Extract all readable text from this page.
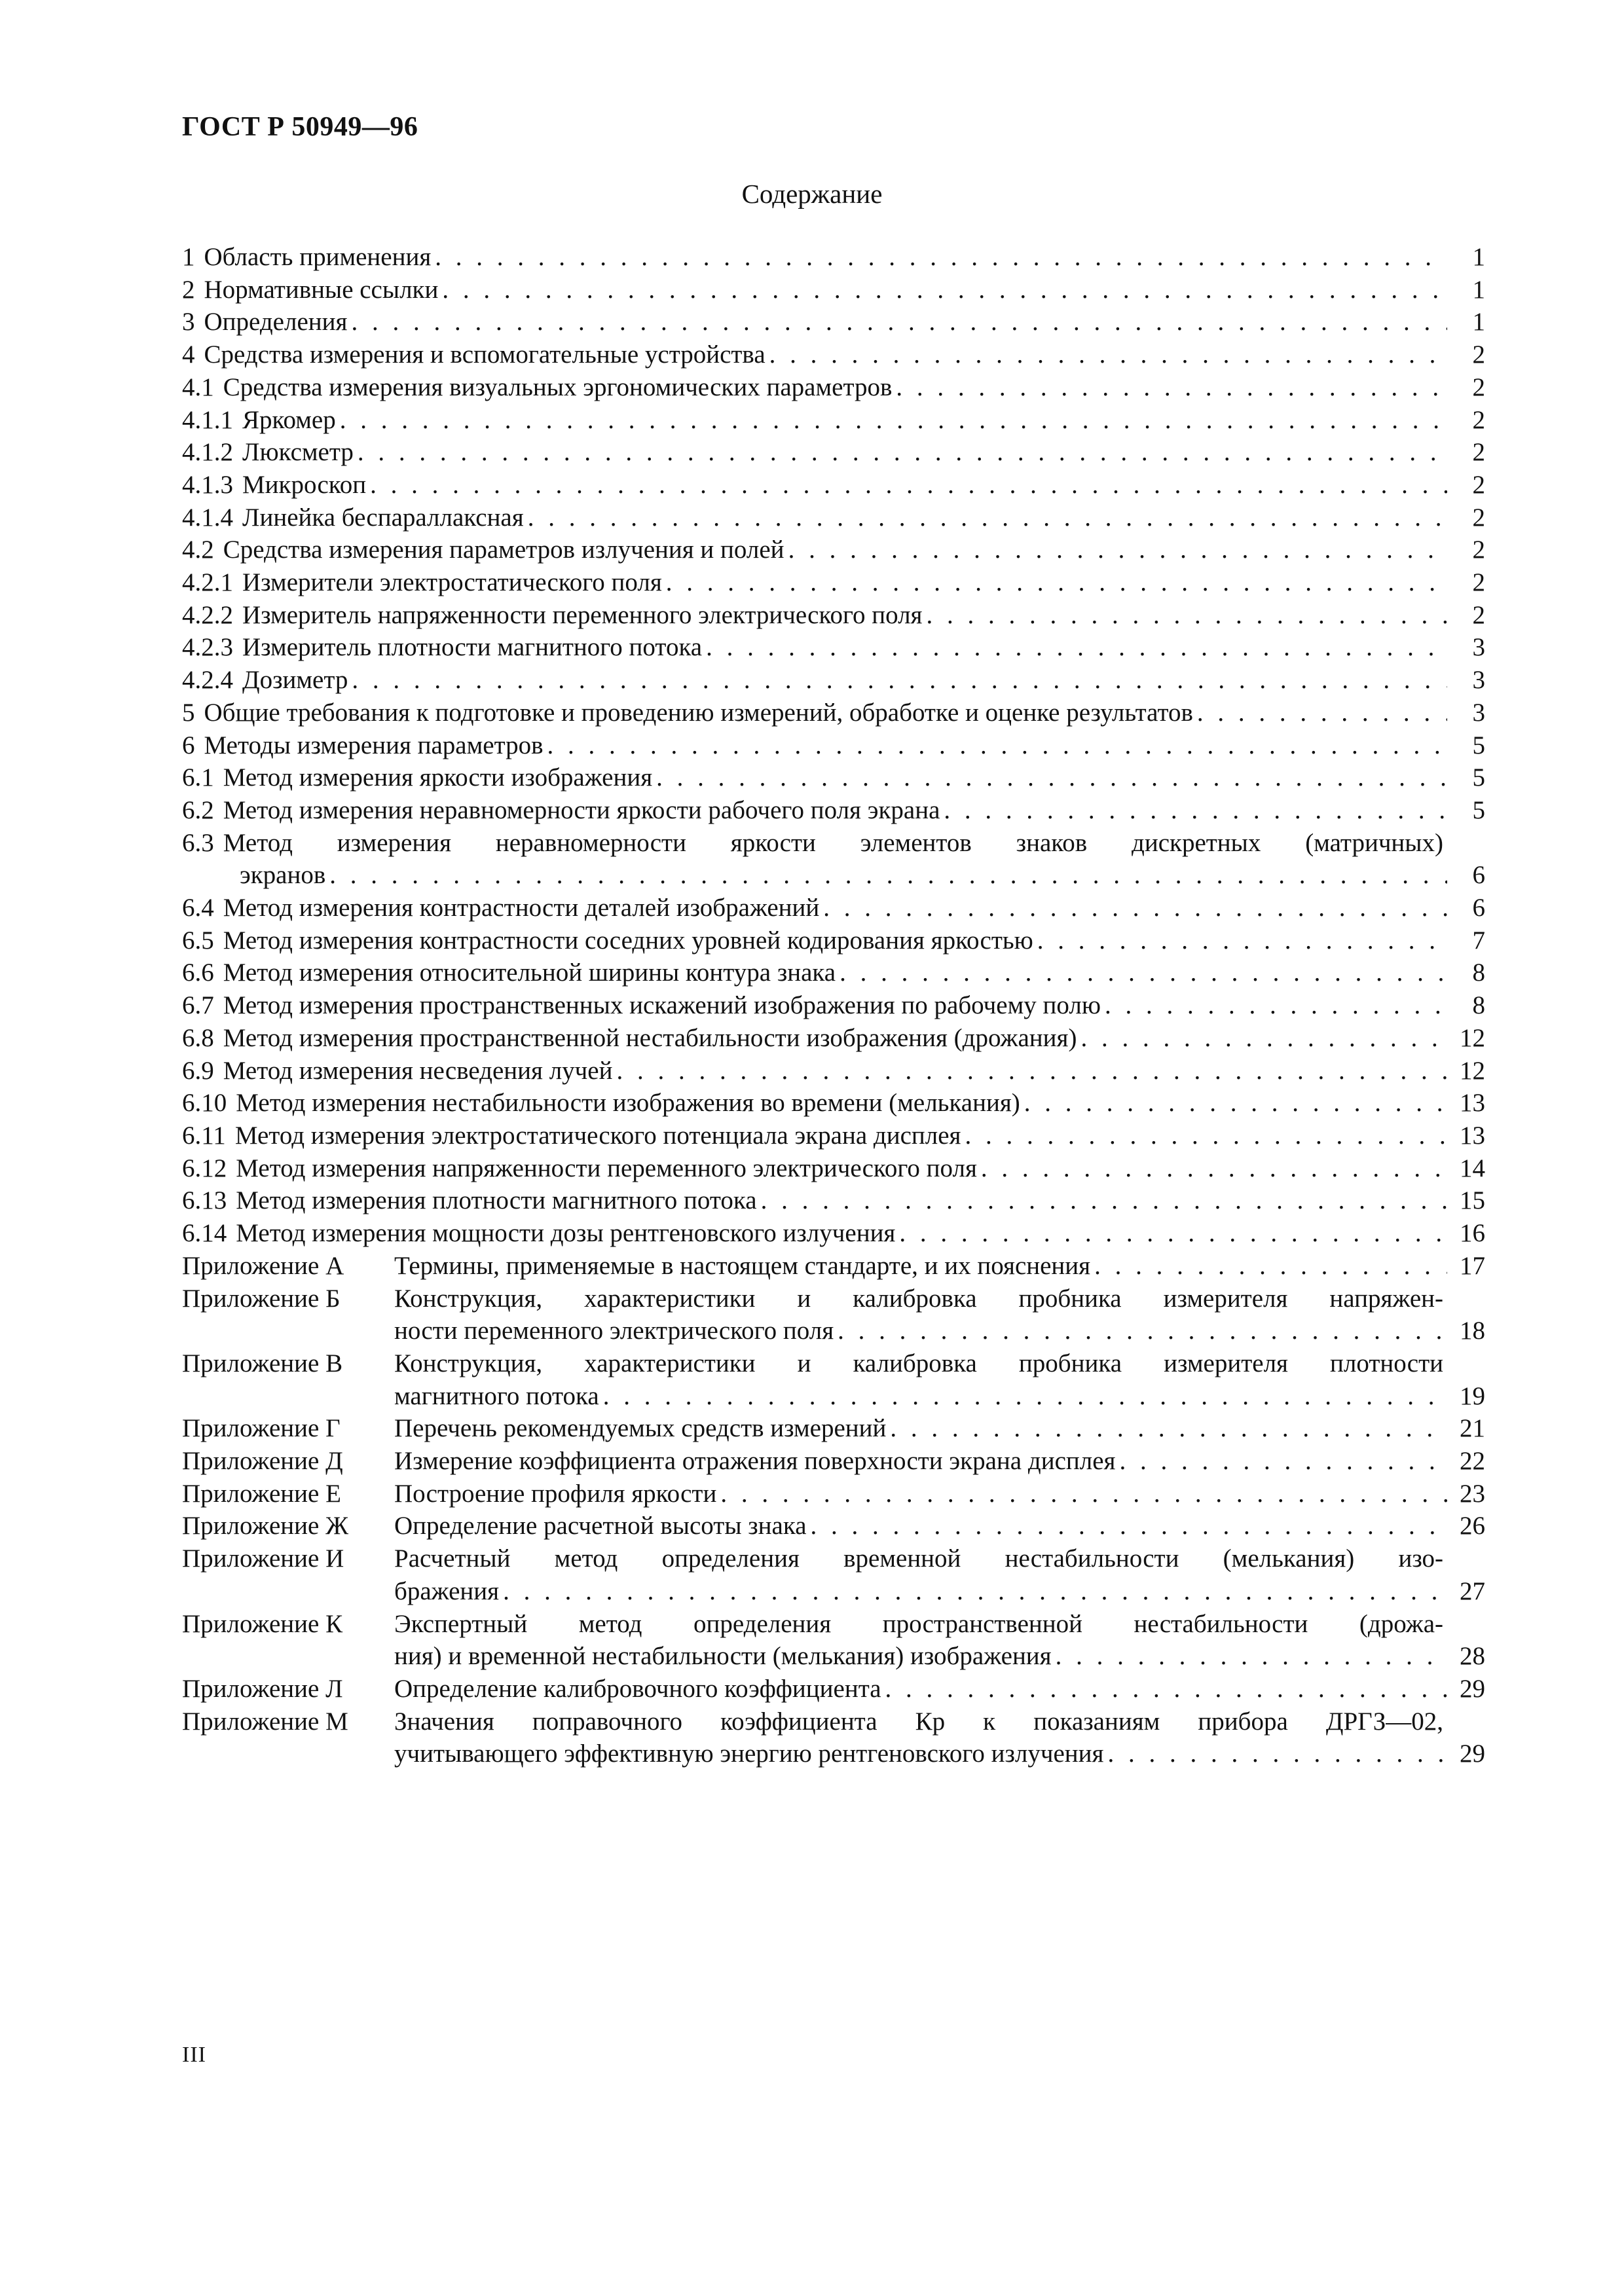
ГОСТ Р 50949—96
Содержание
1 Область применения . . .	1
2 Нормативные ссылки . . .	1
3 Определения . . .	1
4 Средства измерения и вспомогательные устройства . . .	2
4.1 Средства измерения визуальных эргономических параметров . . .	2
4.1.1 Яркомер . . .	2
4.1.2 Люксметр . . .	2
4.1.3 Микроскоп . . .	2
4.1.4 Линейка беспараллаксная . . .	2
4.2 Средства измерения параметров излучения и полей . . .	2
4.2.1 Измерители электростатического поля . . .	2
4.2.2 Измеритель напряженности переменного электрического поля . . .	2
4.2.3 Измеритель плотности магнитного потока . . .	3
4.2.4 Дозиметр . . .	3
5 Общие требования к подготовке и проведению измерений, обработке и оценке результатов . . .	3
6 Методы измерения параметров . . .	5
6.1 Метод измерения яркости изображения . . .	5
6.2 Метод измерения неравномерности яркости рабочего поля экрана . . .	5
6.3 Метод измерения неравномерности яркости элементов знаков дискретных (матричных)
экранов . . .	6
6.4 Метод измерения контрастности деталей изображений . . .	6
6.5 Метод измерения контрастности соседних уровней кодирования яркостью . . .	7
6.6 Метод измерения относительной ширины контура знака . . .	8
6.7 Метод измерения пространственных искажений изображения по рабочему полю . . .	8
6.8 Метод измерения пространственной нестабильности изображения (дрожания) . . .	12
6.9 Метод измерения несведения лучей . . .	12
6.10 Метод измерения нестабильности изображения во времени (мелькания) . . .	13
6.11 Метод измерения электростатического потенциала экрана дисплея . . .	13
6.12 Метод измерения напряженности переменного электрического поля . . .	14
6.13 Метод измерения плотности магнитного потока . . .	15
6.14 Метод измерения мощности дозы рентгеновского излучения . . .	16
Приложение А	Термины, применяемые в настоящем стандарте, и их пояснения . . .	17
Приложение Б	Конструкция, характеристики и калибровка пробника измерителя напряжен-
ности переменного электрического поля . . .	18
Приложение В	Конструкция, характеристики и калибровка пробника измерителя плотности
магнитного потока . . .	19
Приложение Г	Перечень рекомендуемых средств измерений . . .	21
Приложение Д	Измерение коэффициента отражения поверхности экрана дисплея . . .	22
Приложение Е	Построение профиля яркости . . .	23
Приложение Ж	Определение расчетной высоты знака . . .	26
Приложение И	Расчетный метод определения временной нестабильности (мелькания) изо-
бражения . . .	27
Приложение К	Экспертный метод определения пространственной нестабильности (дрожа-
ния) и временной нестабильности (мелькания) изображения . . .	28
Приложение Л	Определение калибровочного коэффициента . . .	29
Приложение М	Значения поправочного коэффициента Кр к показаниям прибора ДРГЗ—02,
учитывающего эффективную энергию рентгеновского излучения . . .	29
III
